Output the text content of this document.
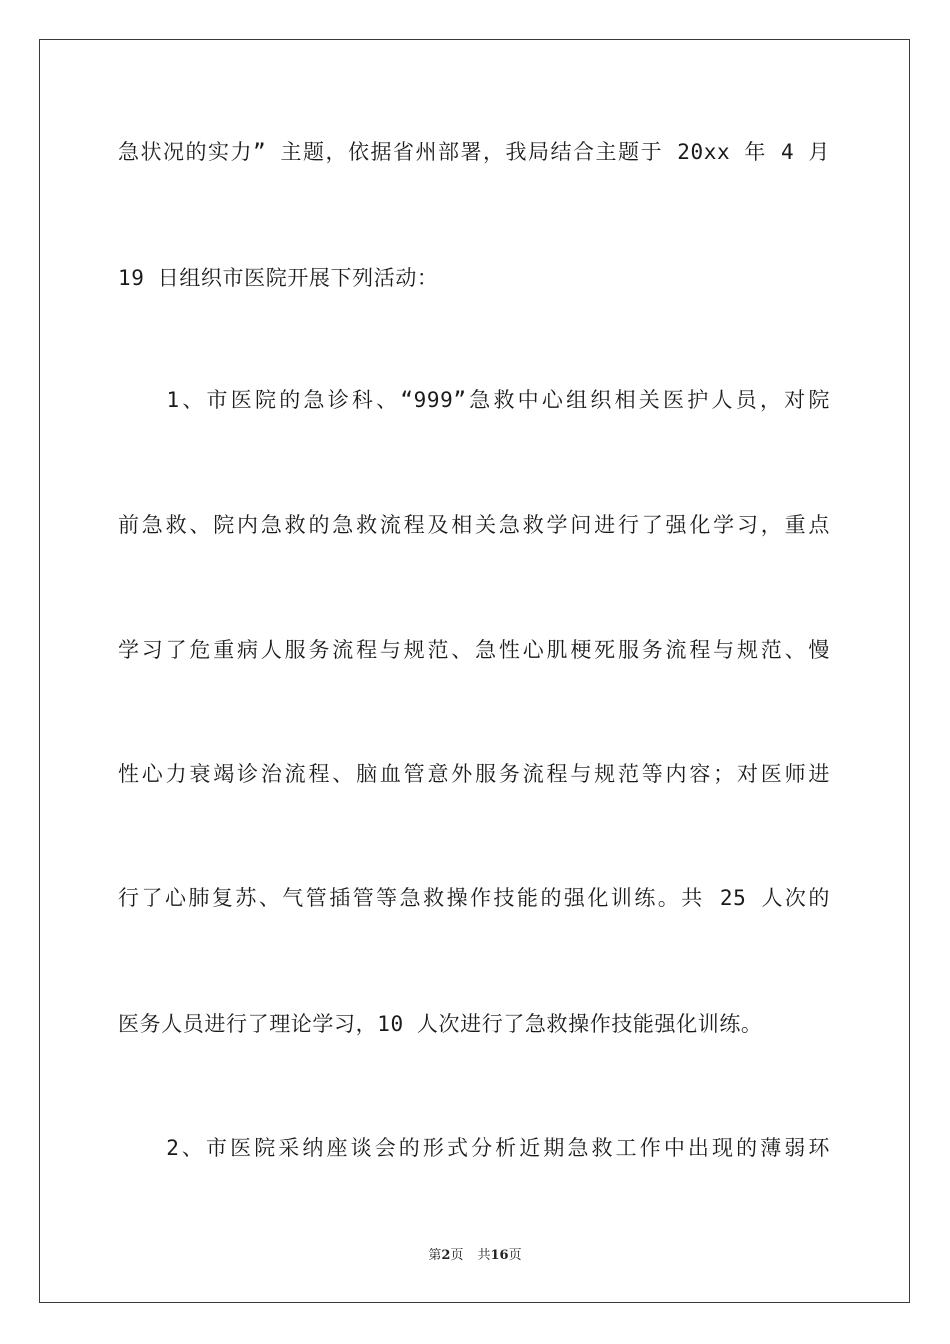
急状况的实力” 主题，依据省州部署，我局结合主题于 20xx 年 4 月
19 日组织市医院开展下列活动：
　　1、市医院的急诊科、“999”急救中心组织相关医护人员，对院
前急救、院内急救的急救流程及相关急救学问进行了强化学习，重点
学习了危重病人服务流程与规范、急性心肌梗死服务流程与规范、慢
性心力衰竭诊治流程、脑血管意外服务流程与规范等内容；对医师进
行了心肺复苏、气管插管等急救操作技能的强化训练。共 25 人次的
医务人员进行了理论学习，10 人次进行了急救操作技能强化训练。
　　2、市医院采纳座谈会的形式分析近期急救工作中出现的薄弱环
第2页 共16页
